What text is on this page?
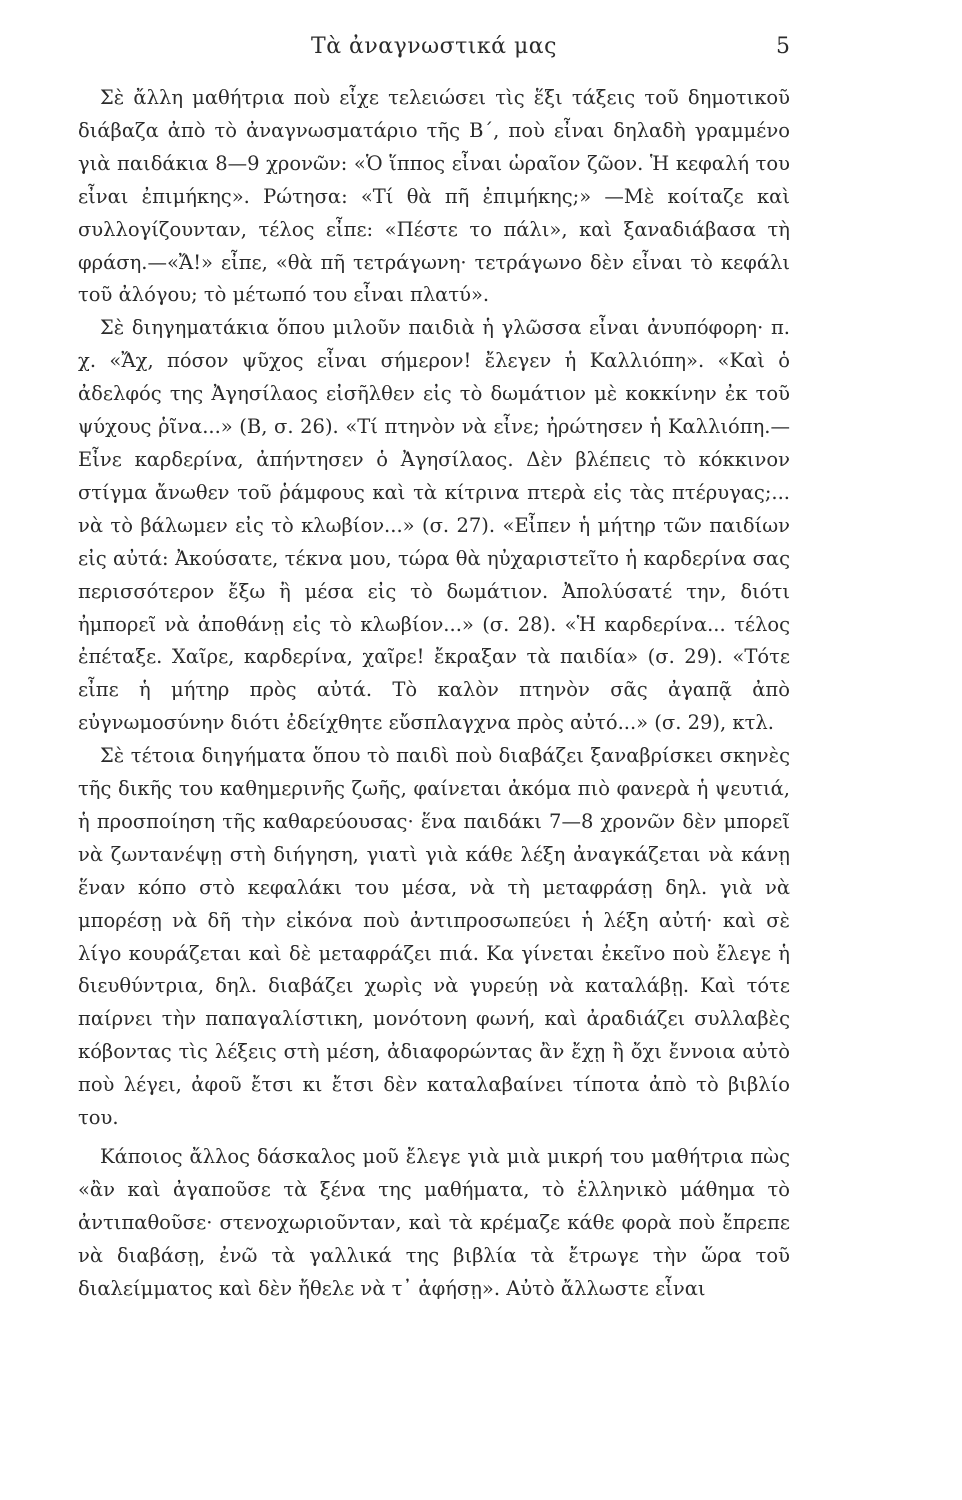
Τὰ ἀναγνωστικά μας	5

Σὲ ἄλλη μαθήτρια ποὺ εἶχε τελειώσει τὶς ἕξι τάξεις τοῦ δημοτικοῦ διάβαζα ἀπὸ τὸ ἀναγνωσματάριο τῆς Β΄, ποὺ εἶναι δηλαδὴ γραμμένο γιὰ παιδάκια 8—9 χρονῶν: «Ὁ ἵππος εἶναι ὡραῖον ζῶον. Ἡ κεφαλή του εἶναι ἐπιμήκης». Ρώτησα: «Τί θὰ πῆ ἐπιμήκης;» —Μὲ κοίταζε καὶ συλλογίζουνταν, τέλος εἶπε: «Πέστε το πάλι», καὶ ξαναδιάβασα τὴ φράση.—«Ἄ!» εἶπε, «θὰ πῆ τετράγωνη· τετράγωνο δὲν εἶναι τὸ κεφάλι τοῦ ἀλόγου; τὸ μέτωπό του εἶναι πλατύ».

Σὲ διηγηματάκια ὅπου μιλοῦν παιδιὰ ἡ γλῶσσα εἶναι ἀνυπόφορη· π. χ. «Ἄχ, πόσον ψῦχος εἶναι σήμερον! ἔλεγεν ἡ Καλλιόπη». «Καὶ ὁ ἀδελφός της Ἀγησίλαος εἰσῆλθεν εἰς τὸ δωμάτιον μὲ κοκκίνην ἐκ τοῦ ψύχους ῥῖνα...» (Β, σ. 26). «Τί πτηνὸν νὰ εἶνε; ἠρώτησεν ἡ Καλλιόπη.— Εἶνε καρδερίνα, ἀπήντησεν ὁ Ἀγησίλαος. Δὲν βλέπεις τὸ κόκκινον στίγμα ἄνωθεν τοῦ ῥάμφους καὶ τὰ κίτρινα πτερὰ εἰς τὰς πτέρυγας;... νὰ τὸ βάλωμεν εἰς τὸ κλωβίον...» (σ. 27). «Εἶπεν ἡ μήτηρ τῶν παιδίων εἰς αὐτά: Ἀκούσατε, τέκνα μου, τώρα θὰ ηὐχαριστεῖτο ἡ καρδερίνα σας περισσότερον ἔξω ἢ μέσα εἰς τὸ δωμάτιον. Ἀπολύσατέ την, διότι ἠμπορεῖ νὰ ἀποθάνῃ εἰς τὸ κλωβίον...» (σ. 28). «Ἡ καρδερίνα... τέλος ἐπέταξε. Χαῖρε, καρδερίνα, χαῖρε! ἔκραξαν τὰ παιδία» (σ. 29). «Τότε εἶπε ἡ μήτηρ πρὸς αὐτά. Τὸ καλὸν πτηνὸν σᾶς ἀγαπᾷ ἀπὸ εὐγνωμοσύνην διότι ἐδείχθητε εὔσπλαγχνα πρὸς αὐτό...» (σ. 29), κτλ.

Σὲ τέτοια διηγήματα ὅπου τὸ παιδὶ ποὺ διαβάζει ξαναβρίσκει σκηνὲς τῆς δικῆς του καθημερινῆς ζωῆς, φαίνεται ἀκόμα πιὸ φανερὰ ἡ ψευτιά, ἡ προσποίηση τῆς καθαρεύουσας· ἕνα παιδάκι 7—8 χρονῶν δὲν μπορεῖ νὰ ζωντανέψῃ στὴ διήγηση, γιατὶ γιὰ κάθε λέξη ἀναγκάζεται νὰ κάνῃ ἕναν κόπο στὸ κεφαλάκι του μέσα, νὰ τὴ μεταφράσῃ δηλ. γιὰ νὰ μπορέσῃ νὰ δῆ τὴν εἰκόνα ποὺ ἀντιπροσωπεύει ἡ λέξη αὐτή· καὶ σὲ λίγο κουράζεται καὶ δὲ μεταφράζει πιά. Κα γίνεται ἐκεῖνο ποὺ ἔλεγε ἡ διευθύντρια, δηλ. διαβάζει χωρὶς νὰ γυρεύῃ νὰ καταλάβῃ. Καὶ τότε παίρνει τὴν παπαγαλίστικη, μονότονη φωνή, καὶ ἀραδιάζει συλλαβὲς κόβοντας τὶς λέξεις στὴ μέση, ἀδιαφορώντας ἂν ἔχῃ ἢ ὄχι ἔννοια αὐτὸ ποὺ λέγει, ἀφοῦ ἔτσι κι ἔτσι δὲν καταλαβαίνει τίποτα ἀπὸ τὸ βιβλίο του.

Κάποιος ἄλλος δάσκαλος μοῦ ἔλεγε γιὰ μιὰ μικρή του μαθήτρια πὼς «ἂν καὶ ἀγαποῦσε τὰ ξένα της μαθήματα, τὸ ἑλληνικὸ μάθημα τὸ ἀντιπαθοῦσε· στενοχωριοῦνταν, καὶ τὰ κρέμαζε κάθε φορὰ ποὺ ἔπρεπε νὰ διαβάσῃ, ἐνῶ τὰ γαλλικά της βιβλία τὰ ἔτρωγε τὴν ὥρα τοῦ διαλείμματος καὶ δὲν ἤθελε νὰ τ᾿ ἀφήσῃ». Αὐτὸ ἄλλωστε εἶναι
